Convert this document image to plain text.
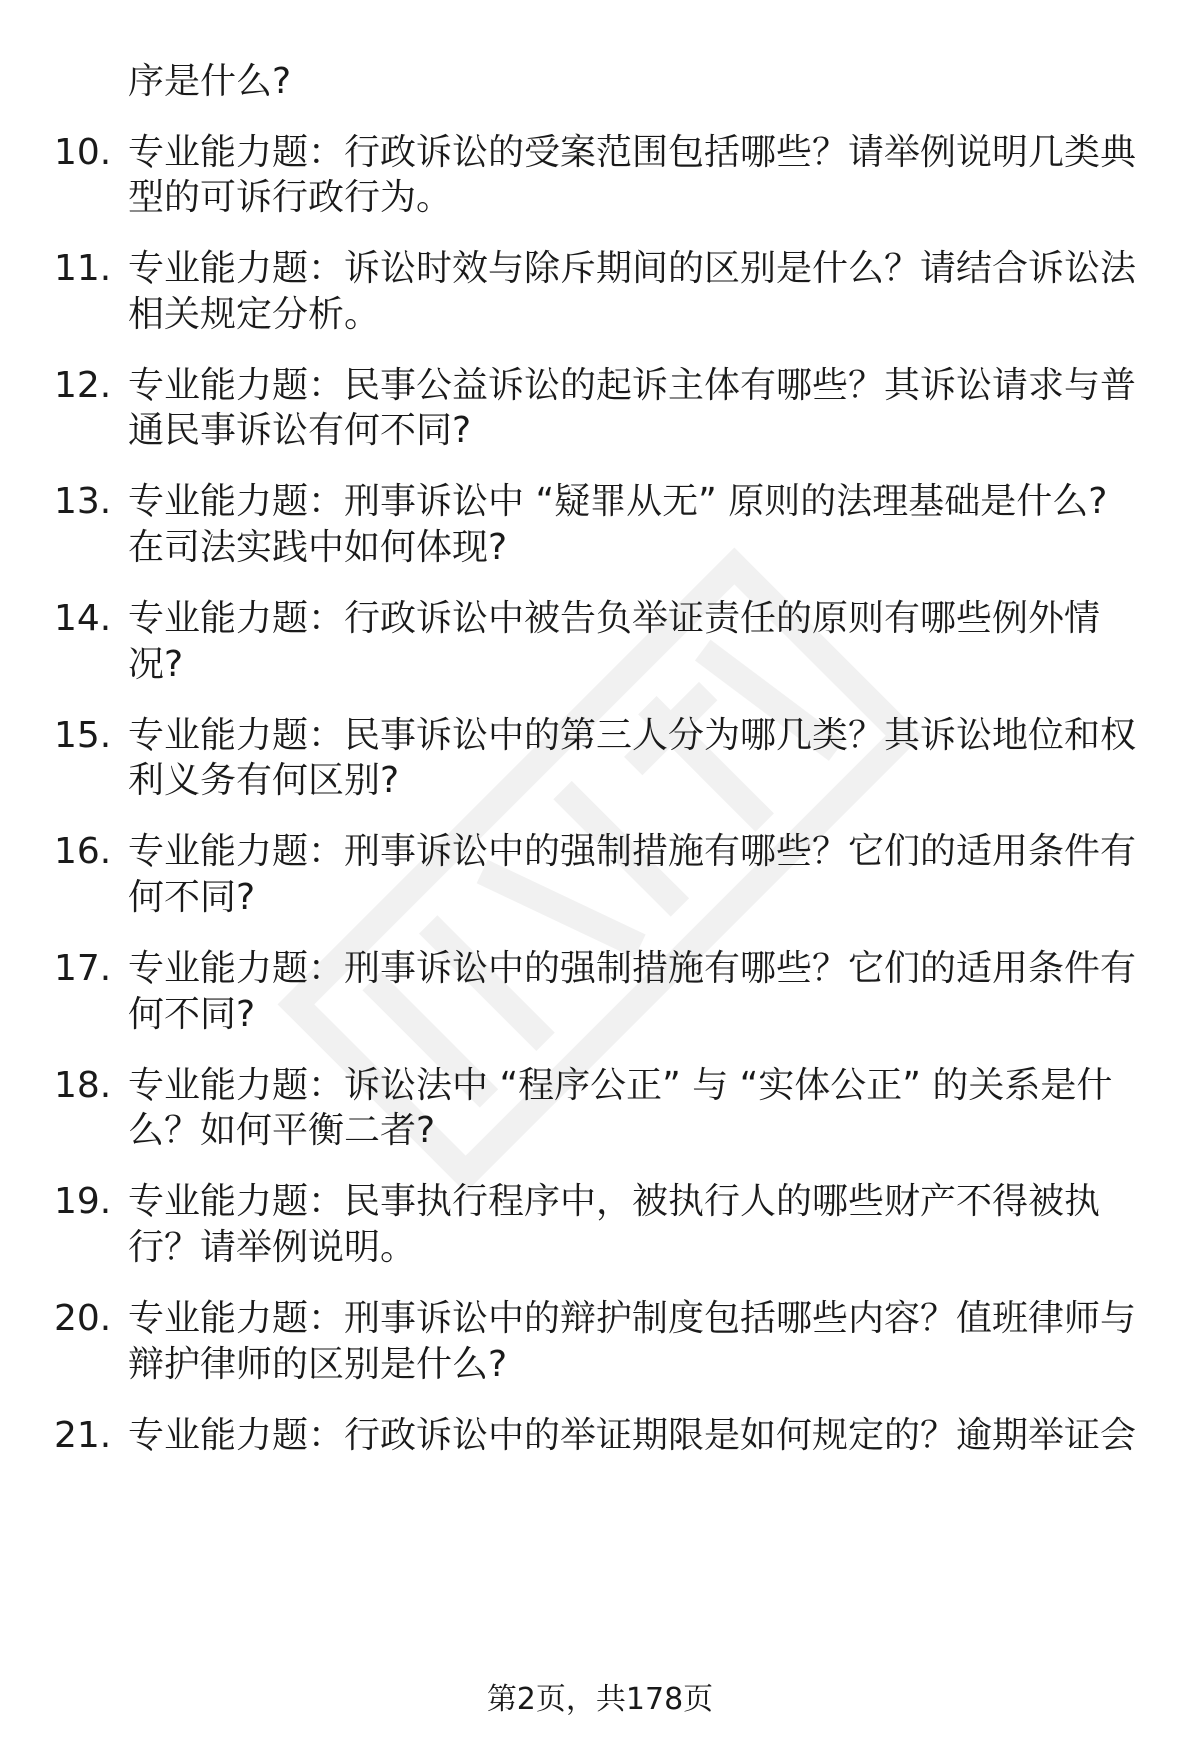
序是什么?
10. 专业能力题：行政诉讼的受案范围包括哪些？请举例说明几类典
型的可诉行政行为。
11. 专业能力题：诉讼时效与除斥期间的区别是什么？请结合诉讼法
相关规定分析。
12. 专业能力题：民事公益诉讼的起诉主体有哪些？其诉讼请求与普
通民事诉讼有何不同?
13. 专业能力题：刑事诉讼中 “疑罪从无” 原则的法理基础是什么?
在司法实践中如何体现?
14. 专业能力题：行政诉讼中被告负举证责任的原则有哪些例外情
况?
15. 专业能力题：民事诉讼中的第三人分为哪几类？其诉讼地位和权
利义务有何区别?
16. 专业能力题：刑事诉讼中的强制措施有哪些？它们的适用条件有
何不同?
17. 专业能力题：刑事诉讼中的强制措施有哪些？它们的适用条件有
何不同?
18. 专业能力题：诉讼法中 “程序公正” 与 “实体公正” 的关系是什
么？如何平衡二者?
19. 专业能力题：民事执行程序中，被执行人的哪些财产不得被执
行？请举例说明。
20. 专业能力题：刑事诉讼中的辩护制度包括哪些内容？值班律师与
辩护律师的区别是什么?
21. 专业能力题：行政诉讼中的举证期限是如何规定的？逾期举证会
第2页，共178页
